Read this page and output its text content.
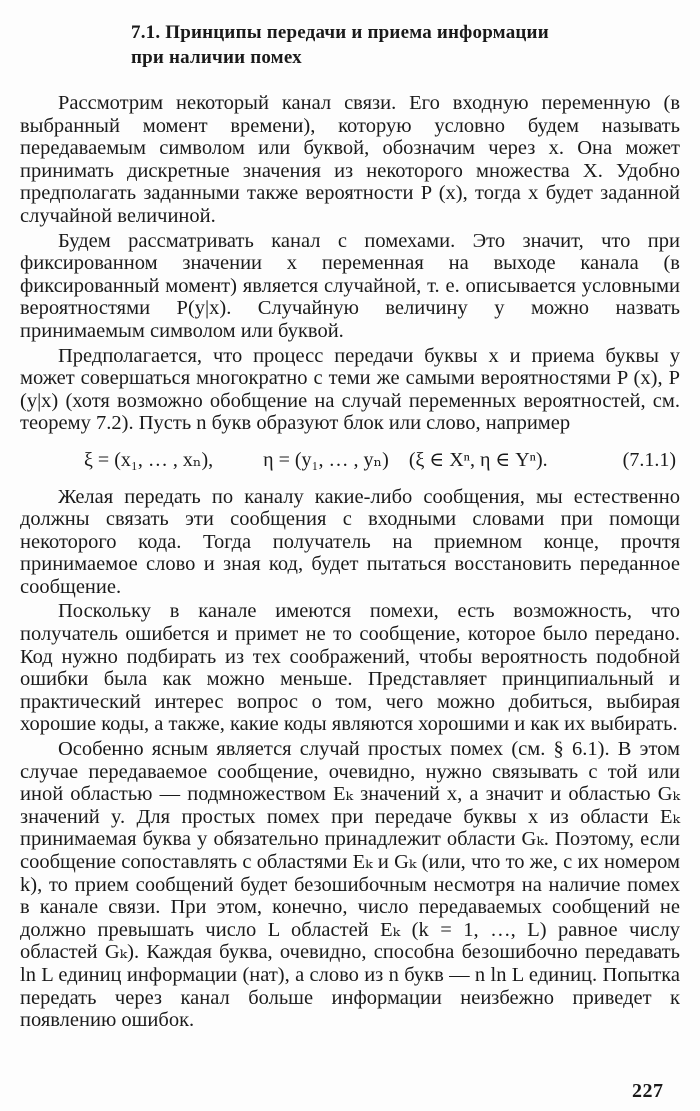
7.1. Принципы передачи и приема информации
при наличии помех

Рассмотрим некоторый канал связи. Его входную переменную (в выбранный момент времени), которую условно будем называть передаваемым символом или буквой, обозначим через x. Она может принимать дискретные значения из некоторого множества X. Удобно предполагать заданными также вероятности P (x), тогда x будет заданной случайной величиной.

Будем рассматривать канал с помехами. Это значит, что при фиксированном значении x переменная на выходе канала (в фиксированный момент) является случайной, т. е. описывается условными вероятностями P(y|x). Случайную величину y можно назвать принимаемым символом или буквой.

Предполагается, что процесс передачи буквы x и приема буквы y может совершаться многократно с теми же самыми вероятностями P (x), P (y|x) (хотя возможно обобщение на случай переменных вероятностей, см. теорему 7.2). Пусть n букв образуют блок или слово, например

ξ = (x₁, … , xₙ),	η = (y₁, … , yₙ) (ξ ∈ Xⁿ, η ∈ Yⁿ).	(7.1.1)

Желая передать по каналу какие-либо сообщения, мы естественно должны связать эти сообщения с входными словами при помощи некоторого кода. Тогда получатель на приемном конце, прочтя принимаемое слово и зная код, будет пытаться восстановить переданное сообщение.

Поскольку в канале имеются помехи, есть возможность, что получатель ошибется и примет не то сообщение, которое было передано. Код нужно подбирать из тех соображений, чтобы вероятность подобной ошибки была как можно меньше. Представляет принципиальный и практический интерес вопрос о том, чего можно добиться, выбирая хорошие коды, а также, какие коды являются хорошими и как их выбирать.

Особенно ясным является случай простых помех (см. § 6.1). В этом случае передаваемое сообщение, очевидно, нужно связывать с той или иной областью — подмножеством Eₖ значений x, а значит и областью Gₖ значений y. Для простых помех при передаче буквы x из области Eₖ принимаемая буква y обязательно принадлежит области Gₖ. Поэтому, если сообщение сопоставлять с областями Eₖ и Gₖ (или, что то же, с их номером k), то прием сообщений будет безошибочным несмотря на наличие помех в канале связи. При этом, конечно, число передаваемых сообщений не должно превышать число L областей Eₖ (k = 1, …, L) равное числу областей Gₖ). Каждая буква, очевидно, способна безошибочно передавать ln L единиц информации (нат), а слово из n букв — n ln L единиц. Попытка передать через канал больше информации неизбежно приведет к появлению ошибок.

227
